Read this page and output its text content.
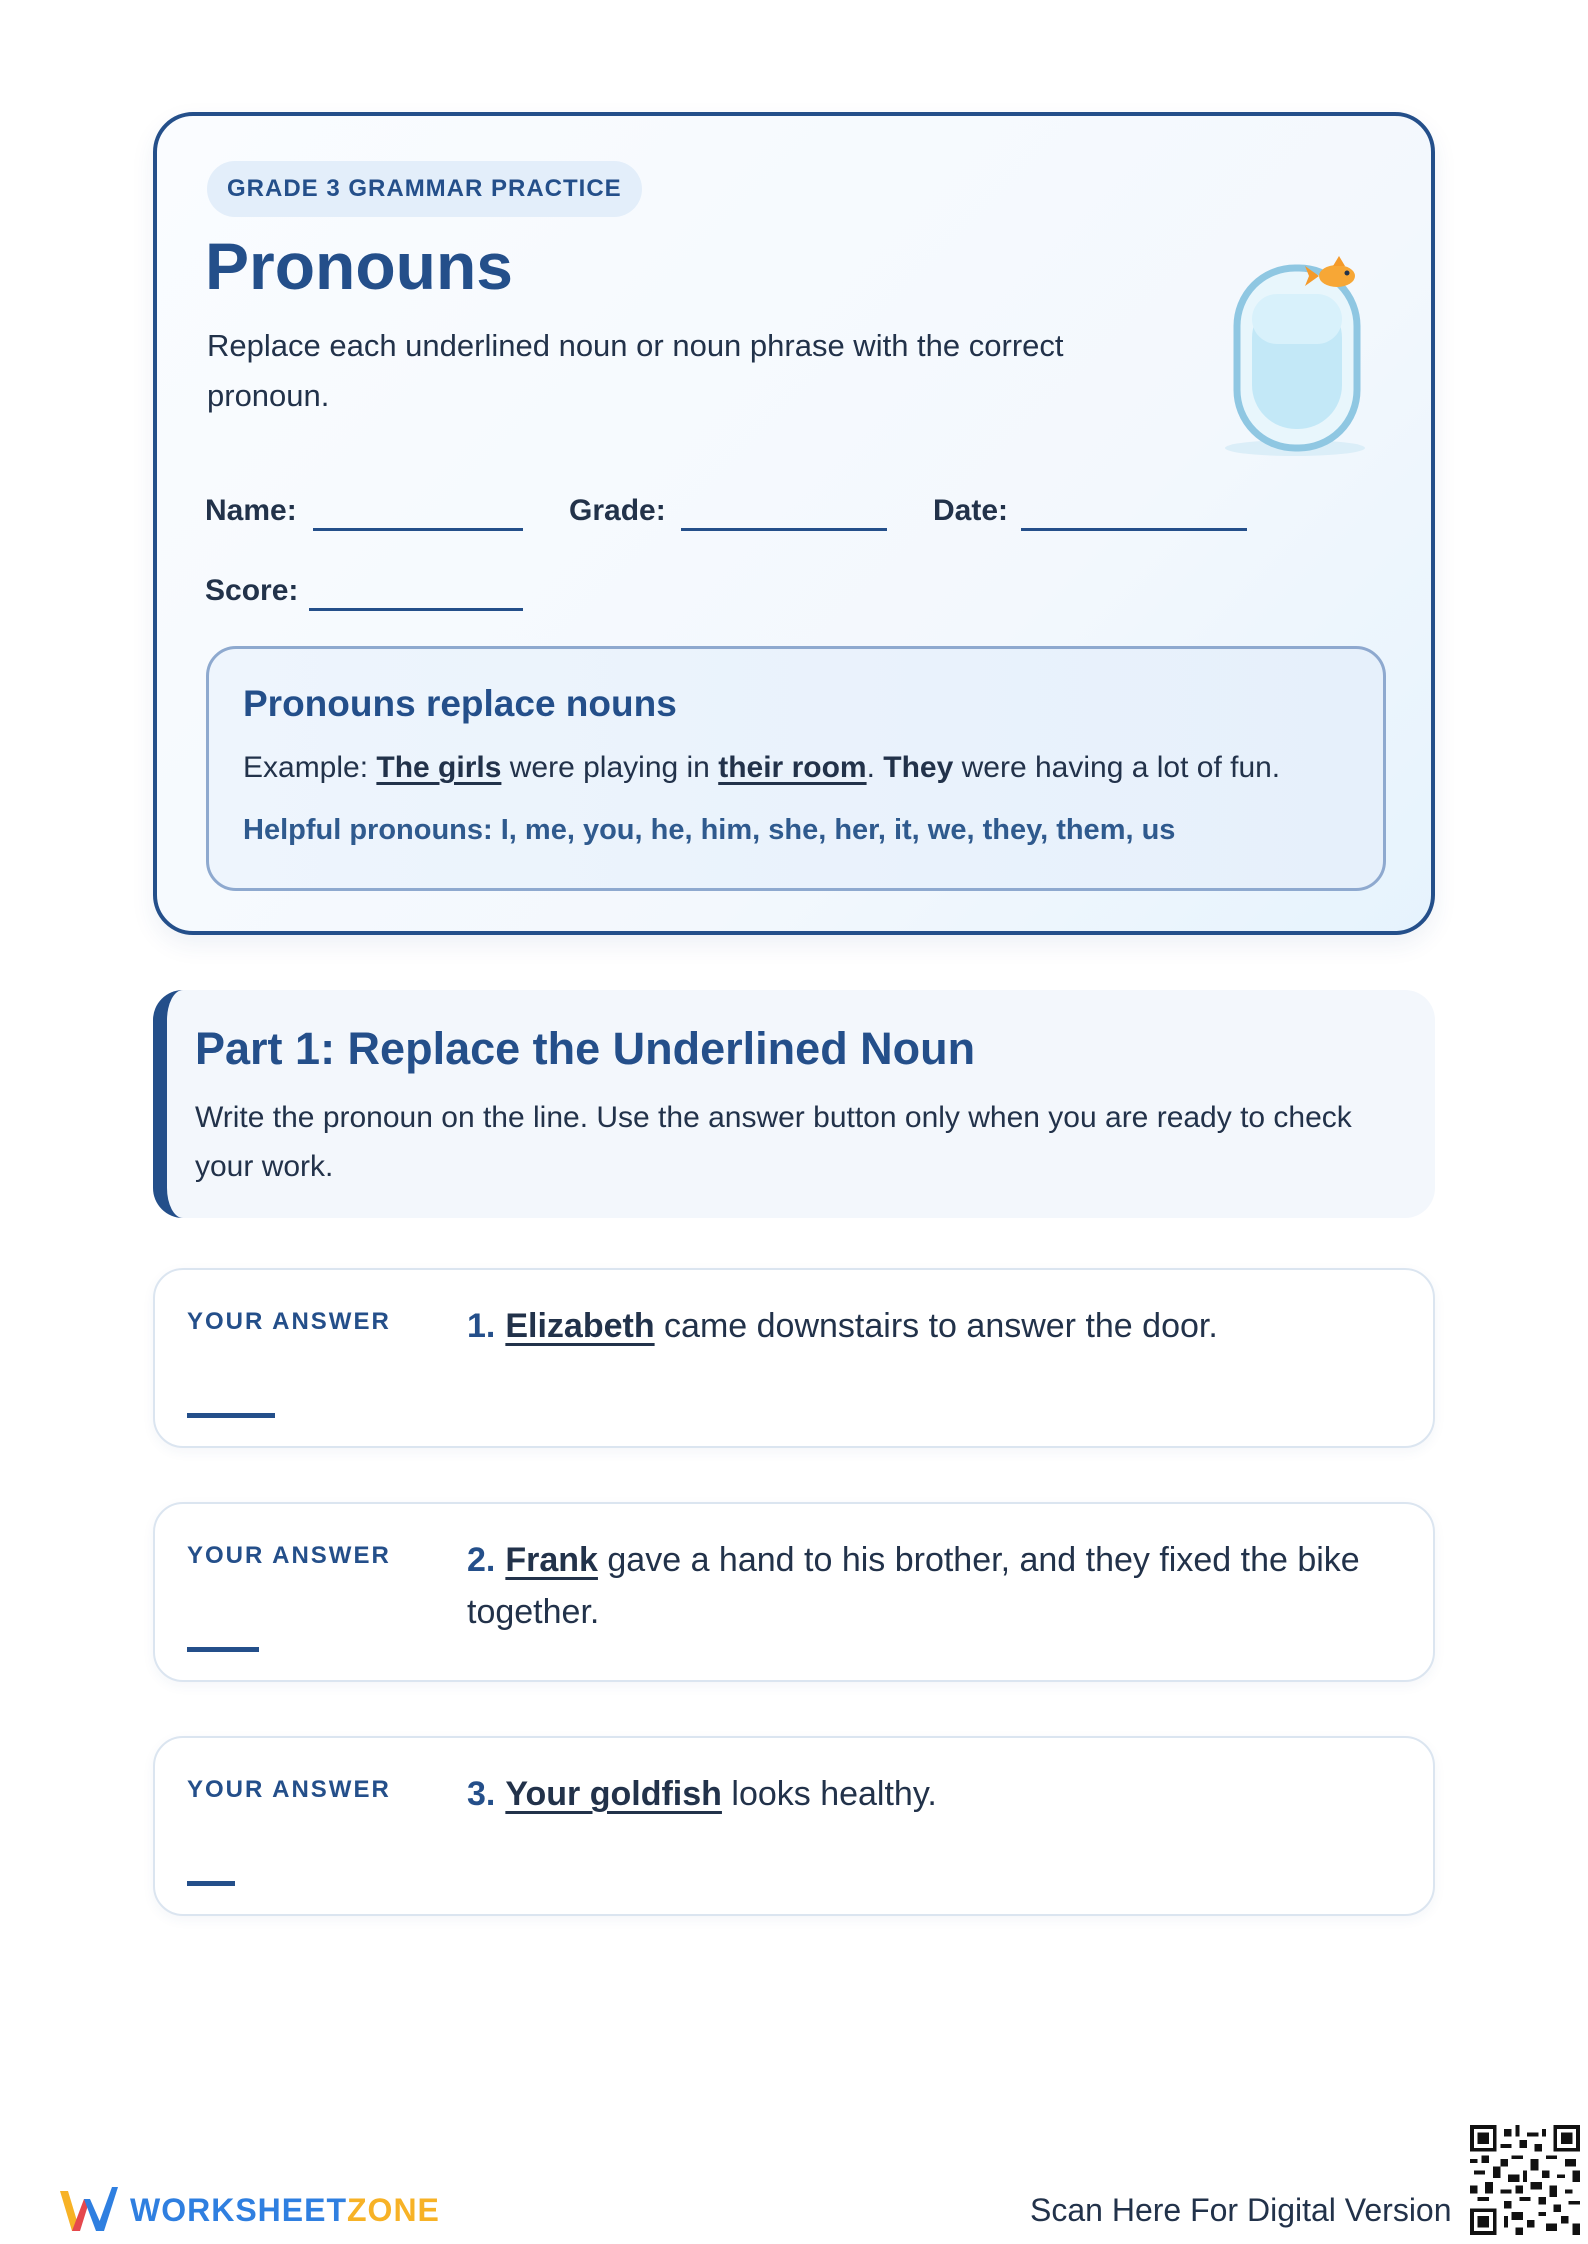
GRADE 3 GRAMMAR PRACTICE
Pronouns
Replace each underlined noun or noun phrase with the correct pronoun.
Name:	Grade:	Date:
Score:
Pronouns replace nouns
Example: The girls were playing in their room. They were having a lot of fun.
Helpful pronouns: I, me, you, he, him, she, her, it, we, they, them, us
Part 1: Replace the Underlined Noun
Write the pronoun on the line. Use the answer button only when you are ready to check your work.
YOUR ANSWER 1. Elizabeth came downstairs to answer the door.
YOUR ANSWER 2. Frank gave a hand to his brother, and they fixed the bike together.
YOUR ANSWER 3. Your goldfish looks healthy.
WORKSHEETZONE	Scan Here For Digital Version
